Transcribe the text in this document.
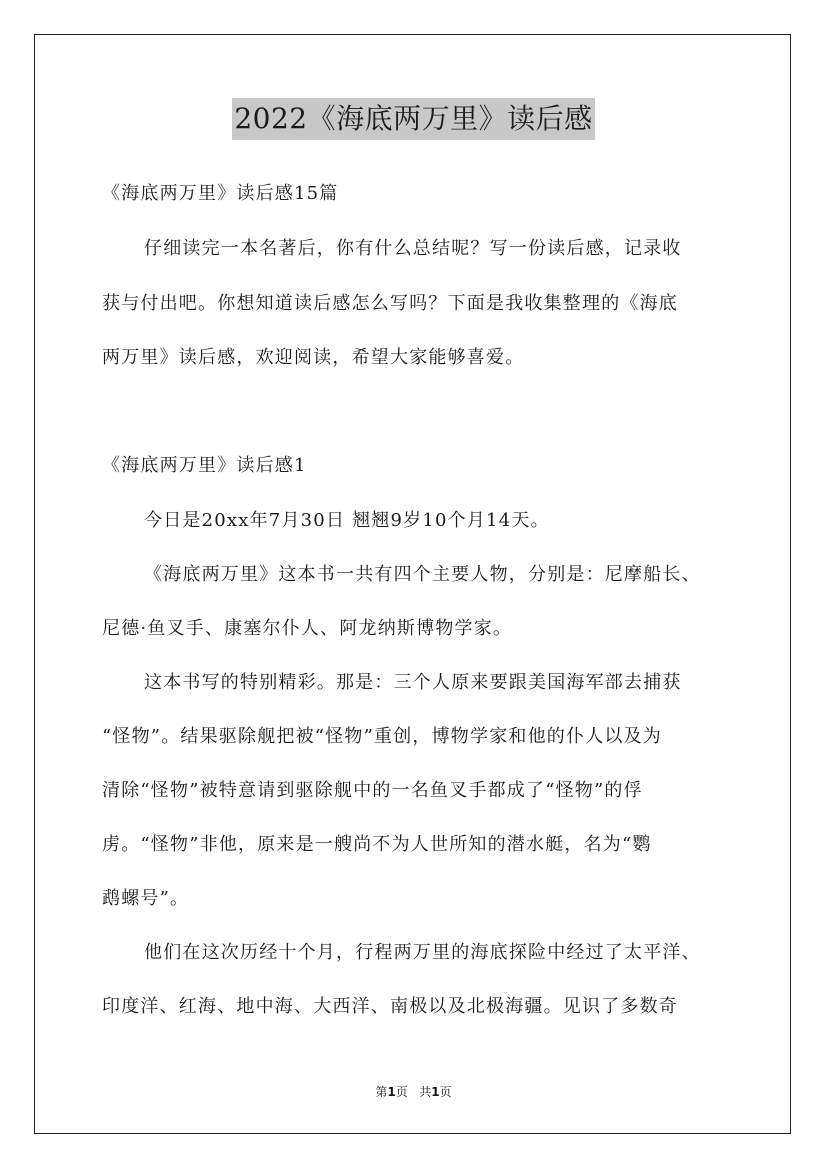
2022《海底两万里》读后感
《海底两万里》读后感15篇
仔细读完一本名著后，你有什么总结呢？写一份读后感，记录收
获与付出吧。你想知道读后感怎么写吗？下面是我收集整理的《海底
两万里》读后感，欢迎阅读，希望大家能够喜爱。
《海底两万里》读后感1
今日是20xx年7月30日 翘翘9岁10个月14天。
《海底两万里》这本书一共有四个主要人物，分别是：尼摩船长、
尼德·鱼叉手、康塞尔仆人、阿龙纳斯博物学家。
这本书写的特别精彩。那是：三个人原来要跟美国海军部去捕获
“怪物”。结果驱除舰把被“怪物”重创，博物学家和他的仆人以及为
清除“怪物”被特意请到驱除舰中的一名鱼叉手都成了“怪物”的俘
虏。“怪物”非他，原来是一艘尚不为人世所知的潜水艇，名为“鹦
鹉螺号”。
他们在这次历经十个月，行程两万里的海底探险中经过了太平洋、
印度洋、红海、地中海、大西洋、南极以及北极海疆。见识了多数奇
第1页   共1页
